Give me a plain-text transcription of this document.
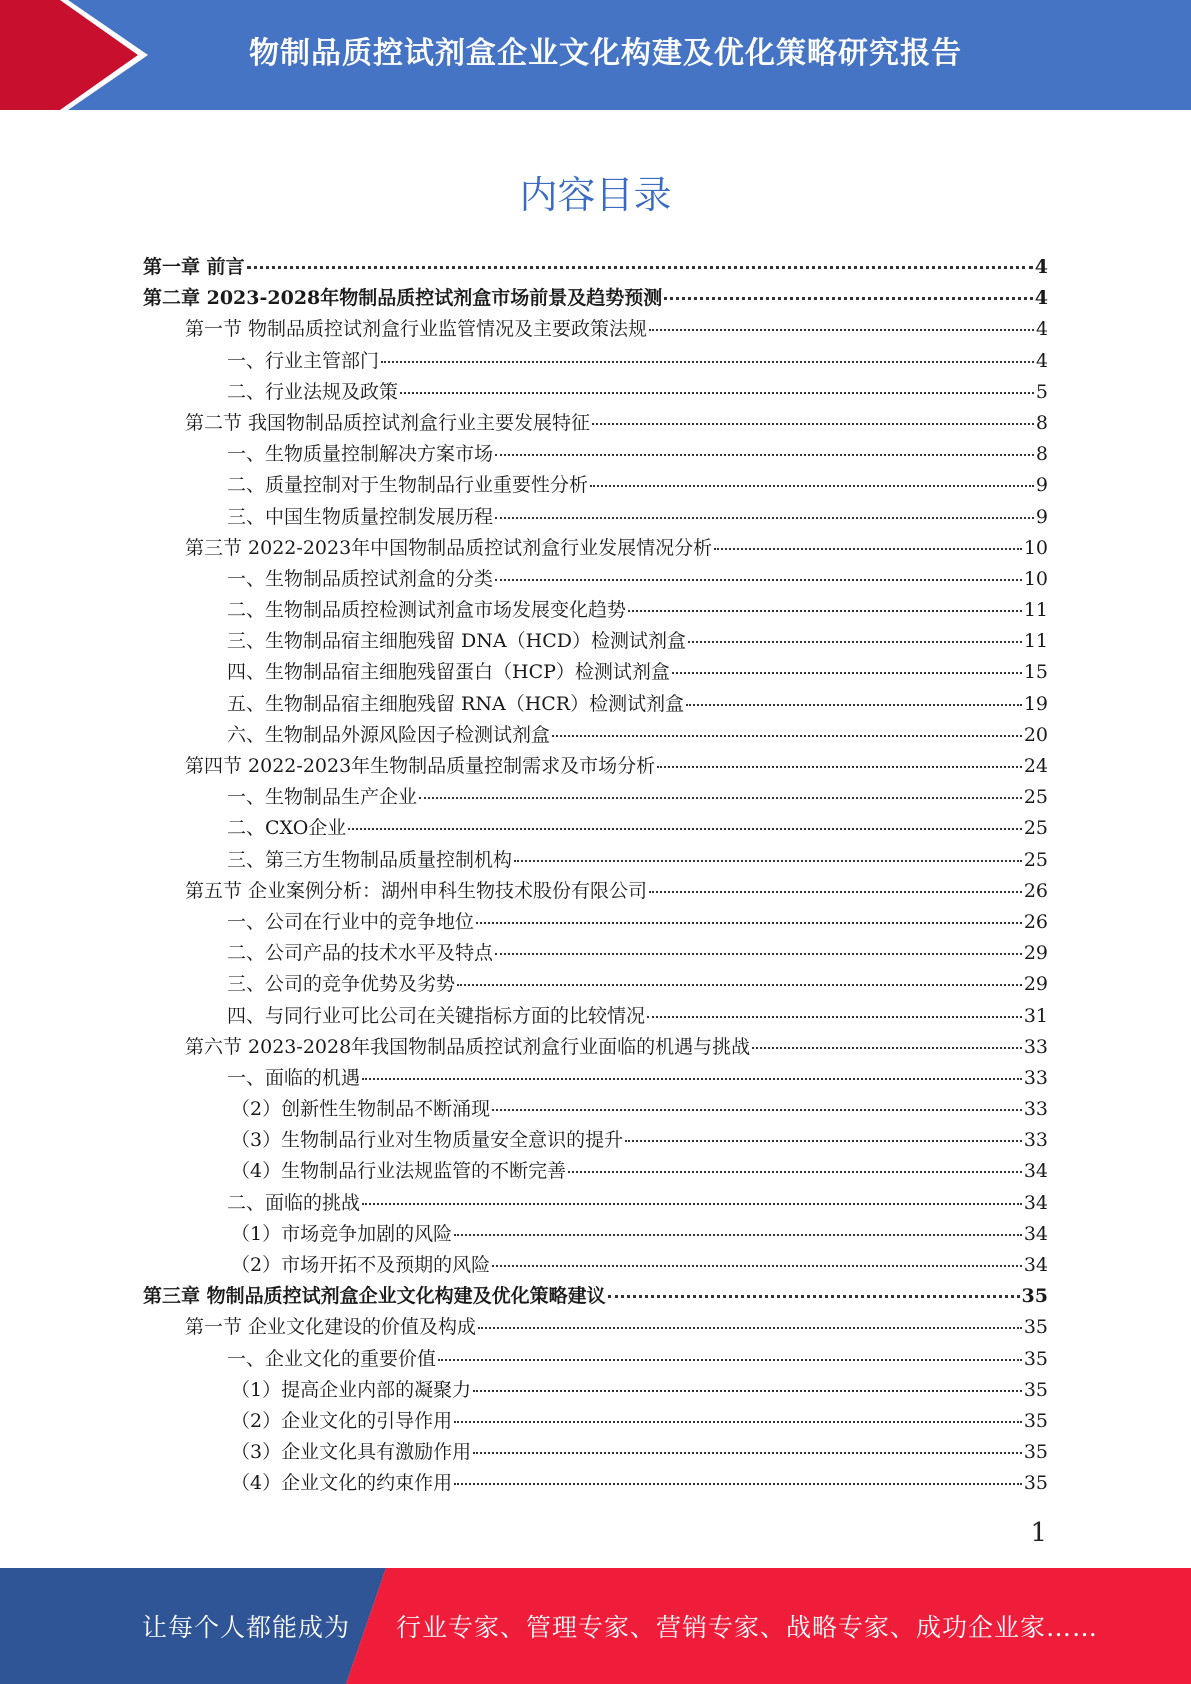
物制品质控试剂盒企业文化构建及优化策略研究报告
内容目录
第一章 前言	4
第二章 2023-2028年物制品质控试剂盒市场前景及趋势预测	4
第一节 物制品质控试剂盒行业监管情况及主要政策法规	4
一、行业主管部门	4
二、行业法规及政策	5
第二节 我国物制品质控试剂盒行业主要发展特征	8
一、生物质量控制解决方案市场	8
二、质量控制对于生物制品行业重要性分析	9
三、中国生物质量控制发展历程	9
第三节 2022-2023年中国物制品质控试剂盒行业发展情况分析	10
一、生物制品质控试剂盒的分类	10
二、生物制品质控检测试剂盒市场发展变化趋势	11
三、生物制品宿主细胞残留 DNA（HCD）检测试剂盒	11
四、生物制品宿主细胞残留蛋白（HCP）检测试剂盒	15
五、生物制品宿主细胞残留 RNA（HCR）检测试剂盒	19
六、生物制品外源风险因子检测试剂盒	20
第四节 2022-2023年生物制品质量控制需求及市场分析	24
一、生物制品生产企业	25
二、CXO企业	25
三、第三方生物制品质量控制机构	25
第五节 企业案例分析：湖州申科生物技术股份有限公司	26
一、公司在行业中的竞争地位	26
二、公司产品的技术水平及特点	29
三、公司的竞争优势及劣势	29
四、与同行业可比公司在关键指标方面的比较情况	31
第六节 2023-2028年我国物制品质控试剂盒行业面临的机遇与挑战	33
一、面临的机遇	33
（2）创新性生物制品不断涌现	33
（3）生物制品行业对生物质量安全意识的提升	33
（4）生物制品行业法规监管的不断完善	34
二、面临的挑战	34
（1）市场竞争加剧的风险	34
（2）市场开拓不及预期的风险	34
第三章 物制品质控试剂盒企业文化构建及优化策略建议	35
第一节 企业文化建设的价值及构成	35
一、企业文化的重要价值	35
（1）提高企业内部的凝聚力	35
（2）企业文化的引导作用	35
（3）企业文化具有激励作用	35
（4）企业文化的约束作用	35
1
让每个人都能成为 行业专家、管理专家、营销专家、战略专家、成功企业家……
